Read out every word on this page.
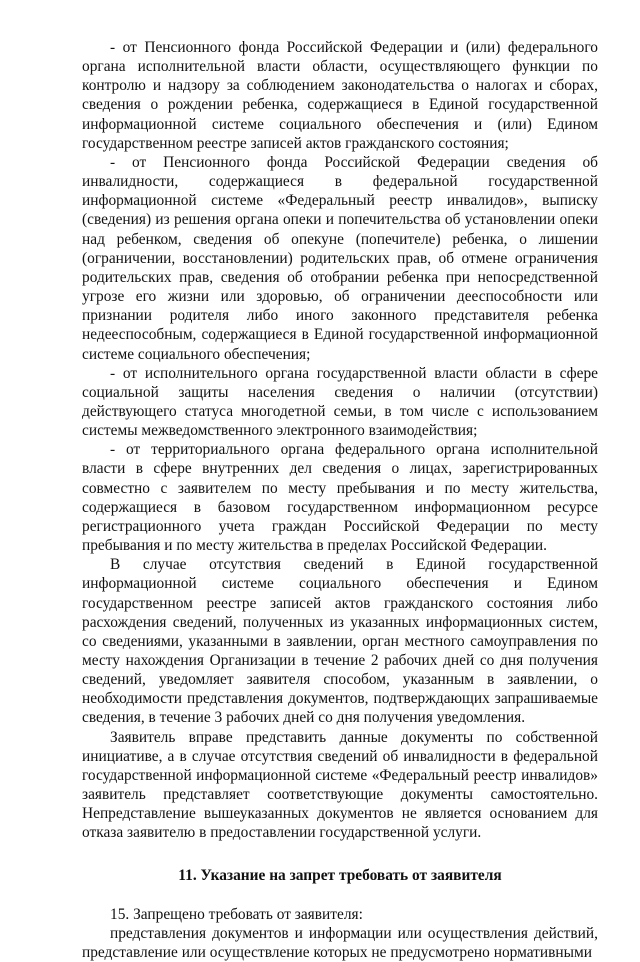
- от Пенсионного фонда Российской Федерации и (или) федерального органа исполнительной власти области, осуществляющего функции по контролю и надзору за соблюдением законодательства о налогах и сборах, сведения о рождении ребенка, содержащиеся в Единой государственной информационной системе социального обеспечения и (или) Едином государственном реестре записей актов гражданского состояния;

- от Пенсионного фонда Российской Федерации сведения об инвалидности, содержащиеся в федеральной государственной информационной системе «Федеральный реестр инвалидов», выписку (сведения) из решения органа опеки и попечительства об установлении опеки над ребенком, сведения об опекуне (попечителе) ребенка, о лишении (ограничении, восстановлении) родительских прав, об отмене ограничения родительских прав, сведения об отобрании ребенка при непосредственной угрозе его жизни или здоровью, об ограничении дееспособности или признании родителя либо иного законного представителя ребенка недееспособным, содержащиеся в Единой государственной информационной системе социального обеспечения;

- от исполнительного органа государственной власти области в сфере социальной защиты населения сведения о наличии (отсутствии) действующего статуса многодетной семьи, в том числе с использованием системы межведомственного электронного взаимодействия;

- от территориального органа федерального органа исполнительной власти в сфере внутренних дел сведения о лицах, зарегистрированных совместно с заявителем по месту пребывания и по месту жительства, содержащиеся в базовом государственном информационном ресурсе регистрационного учета граждан Российской Федерации по месту пребывания и по месту жительства в пределах Российской Федерации.

В случае отсутствия сведений в Единой государственной информационной системе социального обеспечения и Едином государственном реестре записей актов гражданского состояния либо расхождения сведений, полученных из указанных информационных систем, со сведениями, указанными в заявлении, орган местного самоуправления по месту нахождения Организации в течение 2 рабочих дней со дня получения сведений, уведомляет заявителя способом, указанным в заявлении, о необходимости представления документов, подтверждающих запрашиваемые сведения, в течение 3 рабочих дней со дня получения уведомления.

Заявитель вправе представить данные документы по собственной инициативе, а в случае отсутствия сведений об инвалидности в федеральной государственной информационной системе «Федеральный реестр инвалидов» заявитель представляет соответствующие документы самостоятельно. Непредставление вышеуказанных документов не является основанием для отказа заявителю в предоставлении государственной услуги.

11. Указание на запрет требовать от заявителя

15. Запрещено требовать от заявителя:

представления документов и информации или осуществления действий, представление или осуществление которых не предусмотрено нормативными
